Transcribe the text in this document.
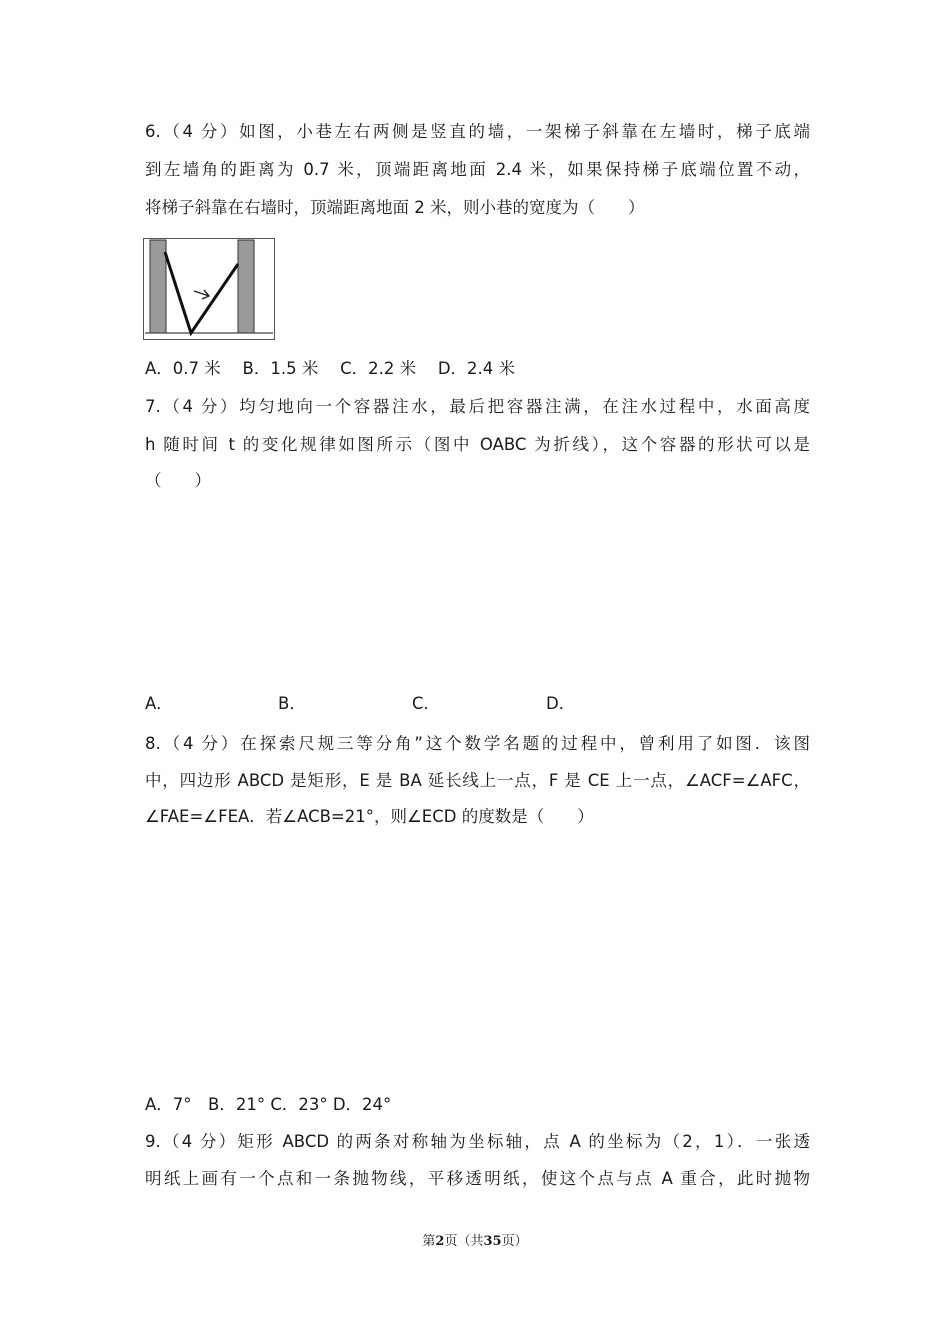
6.（4 分）如图，小巷左右两侧是竖直的墙，一架梯子斜靠在左墙时，梯子底端
到左墙角的距离为 0.7 米，顶端距离地面 2.4 米，如果保持梯子底端位置不动，
将梯子斜靠在右墙时，顶端距离地面 2 米，则小巷的宽度为（　　）
A．0.7 米　 B．1.5 米　 C．2.2 米　 D．2.4 米
7.（4 分）均匀地向一个容器注水，最后把容器注满，在注水过程中，水面高度
h 随时间 t 的变化规律如图所示（图中 OABC 为折线），这个容器的形状可以是
（　　）
A．	B．	C．	D．
8.（4 分）在探索尺规三等分角”这个数学名题的过程中，曾利用了如图．该图
中，四边形 ABCD 是矩形，E 是 BA 延长线上一点，F 是 CE 上一点，∠ACF=∠AFC，
∠FAE=∠FEA．若∠ACB=21°，则∠ECD 的度数是（　　）
A．7°　B．21° C．23° D．24°
9.（4 分）矩形 ABCD 的两条对称轴为坐标轴，点 A 的坐标为（2，1）．一张透
明纸上画有一个点和一条抛物线，平移透明纸，使这个点与点 A 重合，此时抛物
第2页（共35页）
